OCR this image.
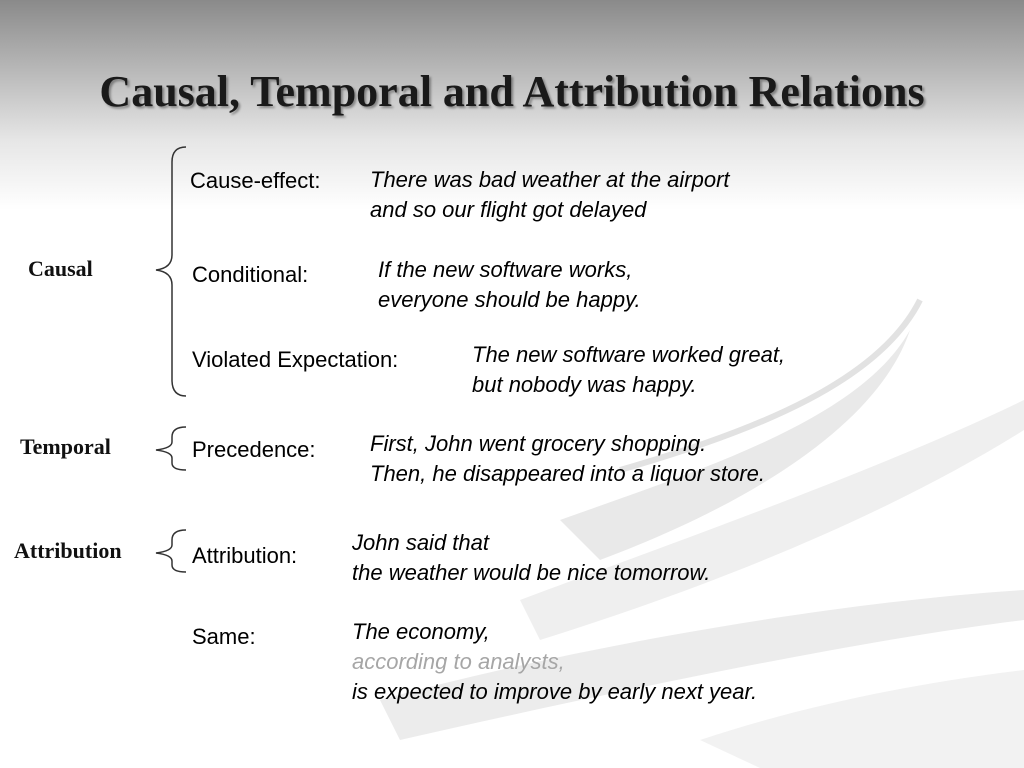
Causal, Temporal and Attribution Relations
Causal
Temporal
Attribution
Cause-effect: There was bad weather at the airport
and so our flight got delayed
Conditional:	If the new software works,
everyone should be happy.
Violated Expectation:	The new software worked great,
but nobody was happy.
Precedence: First, John went grocery shopping.
Then, he disappeared into a liquor store.
Attribution:
John said that
the weather would be nice tomorrow.
Same:	The economy,
according to analysts,
is expected to improve by early next year.
